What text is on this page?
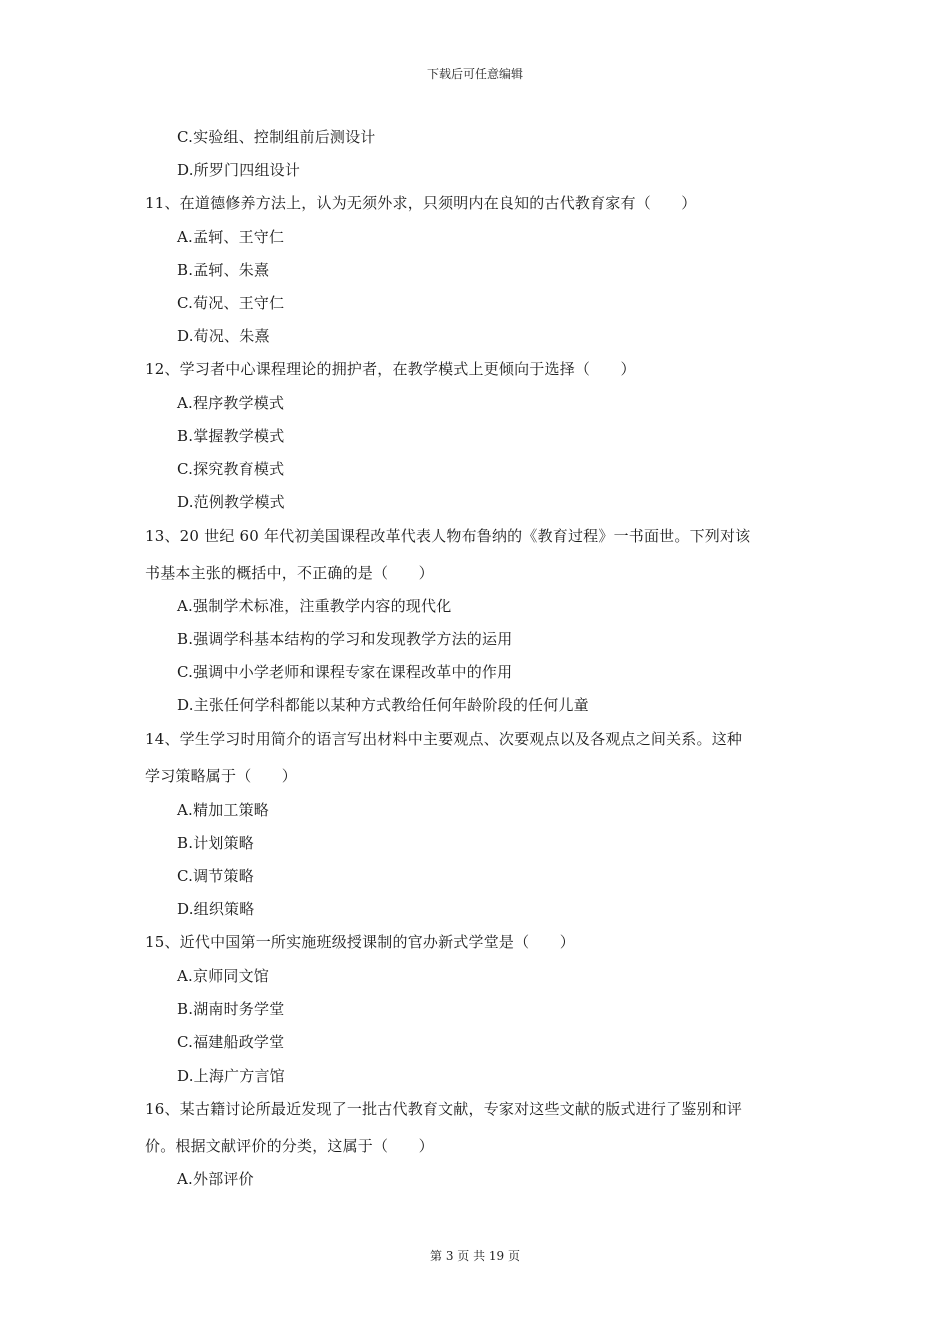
下载后可任意编辑
C.实验组、控制组前后测设计
D.所罗门四组设计
11、在道德修养方法上，认为无须外求，只须明内在良知的古代教育家有（　　）
A.孟轲、王守仁
B.孟轲、朱熹
C.荀况、王守仁
D.荀况、朱熹
12、学习者中心课程理论的拥护者，在教学模式上更倾向于选择（　　）
A.程序教学模式
B.掌握教学模式
C.探究教育模式
D.范例教学模式
13、20 世纪 60 年代初美国课程改革代表人物布鲁纳的《教育过程》一书面世。下列对该
书基本主张的概括中，不正确的是（　　）
A.强制学术标准，注重教学内容的现代化
B.强调学科基本结构的学习和发现教学方法的运用
C.强调中小学老师和课程专家在课程改革中的作用
D.主张任何学科都能以某种方式教给任何年龄阶段的任何儿童
14、学生学习时用简介的语言写出材料中主要观点、次要观点以及各观点之间关系。这种
学习策略属于（　　）
A.精加工策略
B.计划策略
C.调节策略
D.组织策略
15、近代中国第一所实施班级授课制的官办新式学堂是（　　）
A.京师同文馆
B.湖南时务学堂
C.福建船政学堂
D.上海广方言馆
16、某古籍讨论所最近发现了一批古代教育文献，专家对这些文献的版式进行了鉴别和评
价。根据文献评价的分类，这属于（　　）
A.外部评价
第 3 页 共 19 页
